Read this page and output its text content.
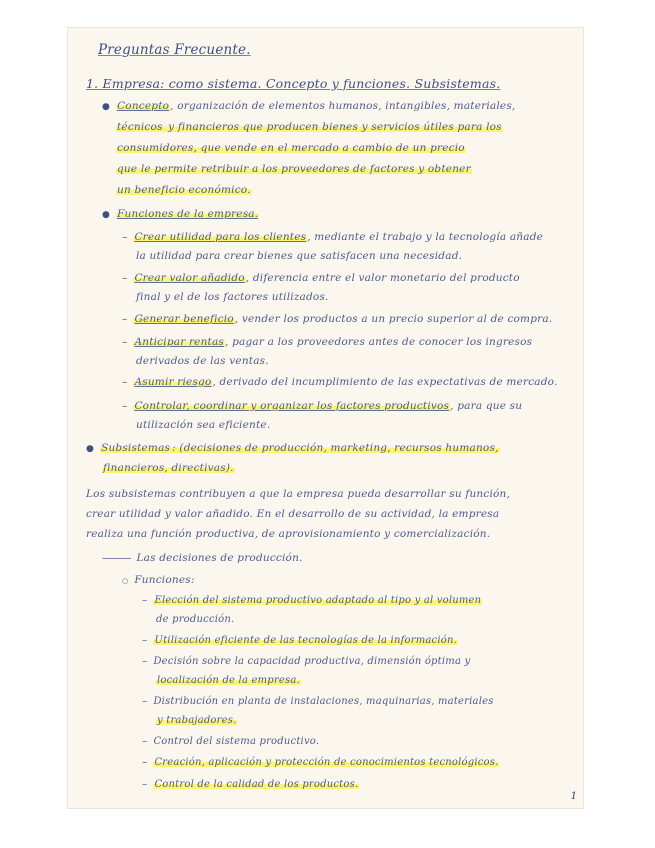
Preguntas Frecuente.
1. Empresa: como sistema. Concepto y funciones. Subsistemas.
● Concepto, organización de elementos humanos, intangibles, materiales,
técnicos y financieros que producen bienes y servicios útiles para los
consumidores, que vende en el mercado a cambio de un precio
que le permite retribuir a los proveedores de factores y obtener
un beneficio económico.
● Funciones de la empresa.
– Crear utilidad para los clientes, mediante el trabajo y la tecnología añade
la utilidad para crear bienes que satisfacen una necesidad.
– Crear valor añadido, diferencia entre el valor monetario del producto
final y el de los factores utilizados.
– Generar beneficio, vender los productos a un precio superior al de compra.
– Anticipar rentas, pagar a los proveedores antes de conocer los ingresos
derivados de las ventas.
– Asumir riesgo, derivado del incumplimiento de las expectativas de mercado.
– Controlar, coordinar y organizar los factores productivos, para que su
utilización sea eficiente.
● Subsistemas : (decisiones de producción, marketing, recursos humanos,
financieros, directivas).
Los subsistemas contribuyen a que la empresa pueda desarrollar su función,
crear utilidad y valor añadido. En el desarrollo de su actividad, la empresa
realiza una función productiva, de aprovisionamiento y comercialización.
——— Las decisiones de producción.
○ Funciones:
– Elección del sistema productivo adaptado al tipo y al volumen
de producción.
– Utilización eficiente de las tecnologías de la información.
– Decisión sobre la capacidad productiva, dimensión óptima y
localización de la empresa.
– Distribución en planta de instalaciones, maquinarias, materiales
y trabajadores.
– Control del sistema productivo.
– Creación, aplicación y protección de conocimientos tecnológicos.
– Control de la calidad de los productos.
1
